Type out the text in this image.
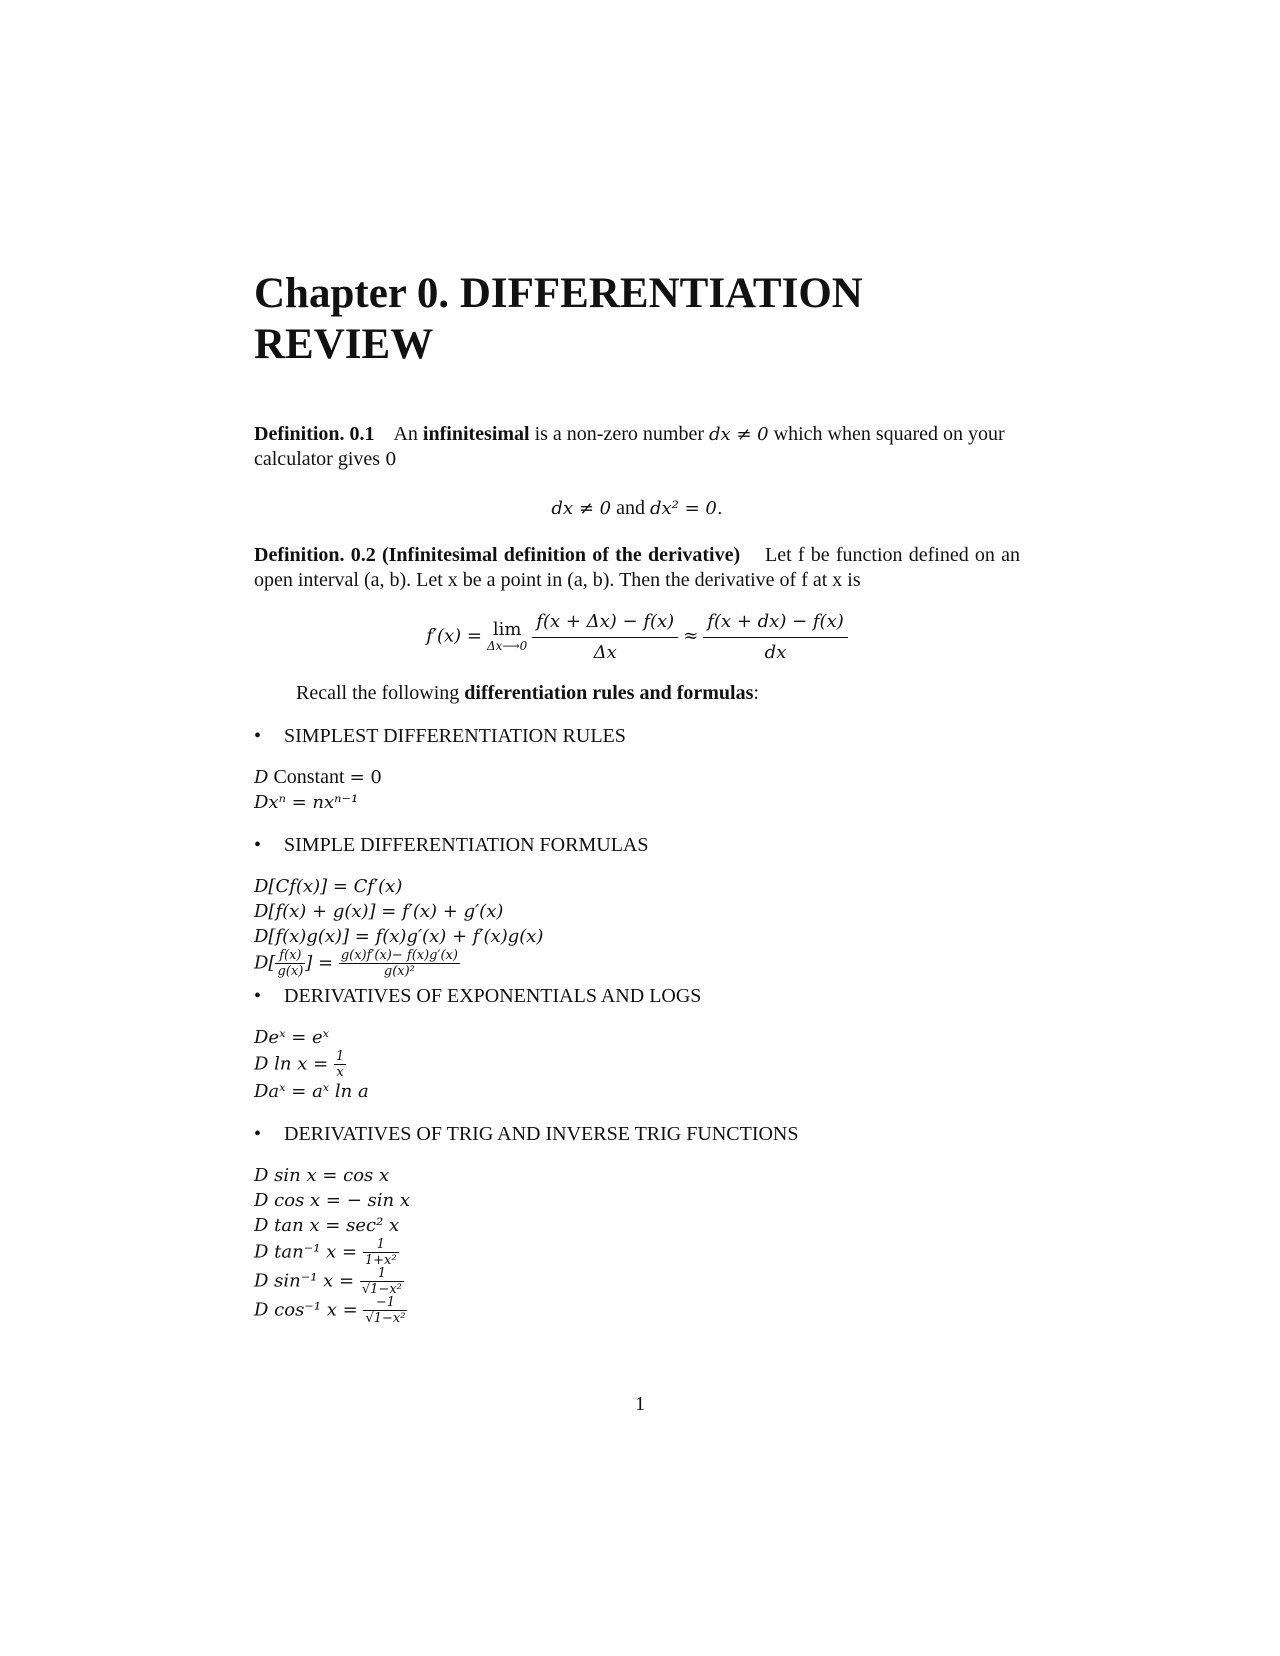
Chapter 0. DIFFERENTIATION
REVIEW
Definition. 0.1 An infinitesimal is a non-zero number dx ≠ 0 which when squared on your calculator gives 0
dx ≠ 0 and dx² = 0.
Definition. 0.2 (Infinitesimal definition of the derivative) Let f be function defined on an open interval (a, b). Let x be a point in (a, b). Then the derivative of f at x is
f′(x) = lim
Δx⟶0
$\frac{f(x + \Delta x) - f(x)}{\Delta x} \approx \frac{f(x + dx) - f(x)}{dx}$
Recall the following differentiation rules and formulas:
•	SIMPLEST DIFFERENTIATION RULES
D Constant = 0
Dxⁿ = nxⁿ⁻¹
•	SIMPLE DIFFERENTIATION FORMULAS
D[Cf(x)] = Cf′(x)
D[f(x) + g(x)] = f′(x) + g′(x)
D[f(x)g(x)] = f(x)g′(x) + f′(x)g(x)
$D[ \frac{f(x)}{g(x)}$ ] = $\frac{g(x)f'(x)- f(x)g'(x)}{\text{g(x)²}}$
•	DERIVATIVES OF EXPONENTIALS AND LOGS
Deˣ = eˣ
D $\ln x = \frac{1}{x}$
Daˣ = aˣ ln a
•	DERIVATIVES OF TRIG AND INVERSE TRIG FUNCTIONS
D sin x = cos x
D cos x = − sin x
D tan x = sec² x
D tan⁻¹ $x = \frac{1}{\text{1+x²}}$
D sin⁻¹ $x = \frac{1}{\text{√1−x²}}$
D cos⁻¹ $x = \frac{-1}{\text{√1−x²}}$
1
